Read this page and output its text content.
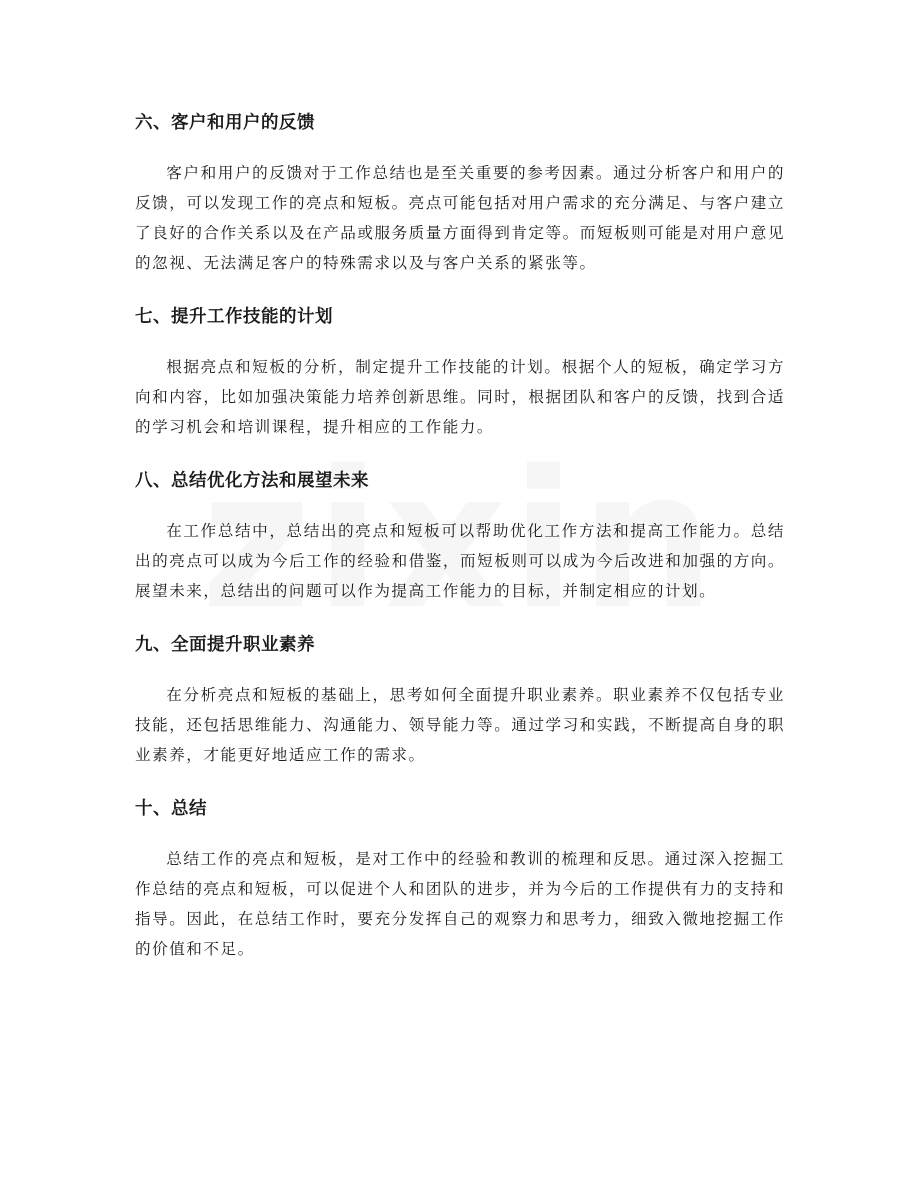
六、客户和用户的反馈

客户和用户的反馈对于工作总结也是至关重要的参考因素。通过分析客户和用户的反馈，可以发现工作的亮点和短板。亮点可能包括对用户需求的充分满足、与客户建立了良好的合作关系以及在产品或服务质量方面得到肯定等。而短板则可能是对用户意见的忽视、无法满足客户的特殊需求以及与客户关系的紧张等。

七、提升工作技能的计划

根据亮点和短板的分析，制定提升工作技能的计划。根据个人的短板，确定学习方向和内容，比如加强决策能力培养创新思维。同时，根据团队和客户的反馈，找到合适的学习机会和培训课程，提升相应的工作能力。

八、总结优化方法和展望未来

在工作总结中，总结出的亮点和短板可以帮助优化工作方法和提高工作能力。总结出的亮点可以成为今后工作的经验和借鉴，而短板则可以成为今后改进和加强的方向。展望未来，总结出的问题可以作为提高工作能力的目标，并制定相应的计划。

九、全面提升职业素养

在分析亮点和短板的基础上，思考如何全面提升职业素养。职业素养不仅包括专业技能，还包括思维能力、沟通能力、领导能力等。通过学习和实践，不断提高自身的职业素养，才能更好地适应工作的需求。

十、总结

总结工作的亮点和短板，是对工作中的经验和教训的梳理和反思。通过深入挖掘工作总结的亮点和短板，可以促进个人和团队的进步，并为今后的工作提供有力的支持和指导。因此，在总结工作时，要充分发挥自己的观察力和思考力，细致入微地挖掘工作的价值和不足。
